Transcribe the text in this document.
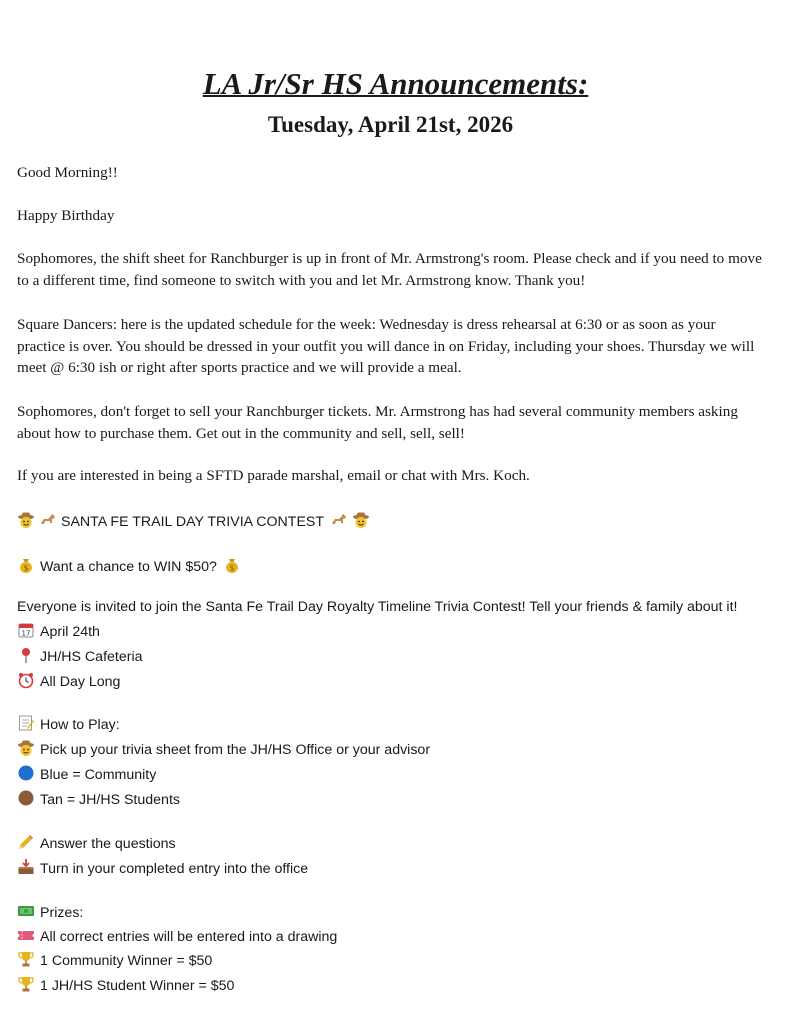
LA Jr/Sr HS Announcements:
Tuesday, April 21st, 2026
Good Morning!!
Happy Birthday
Sophomores, the shift sheet for Ranchburger is up in front of Mr. Armstrong's room. Please check and if you need to move to a different time, find someone to switch with you and let Mr. Armstrong know. Thank you!
Square Dancers: here is the updated schedule for the week: Wednesday is dress rehearsal at 6:30 or as soon as your practice is over. You should be dressed in your outfit you will dance in on Friday, including your shoes. Thursday we will meet @ 6:30 ish or right after sports practice and we will provide a meal.
Sophomores, don't forget to sell your Ranchburger tickets. Mr. Armstrong has had several community members asking about how to purchase them. Get out in the community and sell, sell, sell!
If you are interested in being a SFTD parade marshal, email or chat with Mrs. Koch.
SANTA FE TRAIL DAY TRIVIA CONTEST
$ Want a chance to WIN $50? $
Everyone is invited to join the Santa Fe Trail Day Royalty Timeline Trivia Contest! Tell your friends & family about it!
17 April 24th
JH/HS Cafeteria
All Day Long
How to Play:
Pick up your trivia sheet from the JH/HS Office or your advisor
Blue = Community
Tan = JH/HS Students
Answer the questions
Turn in your completed entry into the office
Prizes:
All correct entries will be entered into a drawing
1 Community Winner = $50
1 JH/HS Student Winner = $50
